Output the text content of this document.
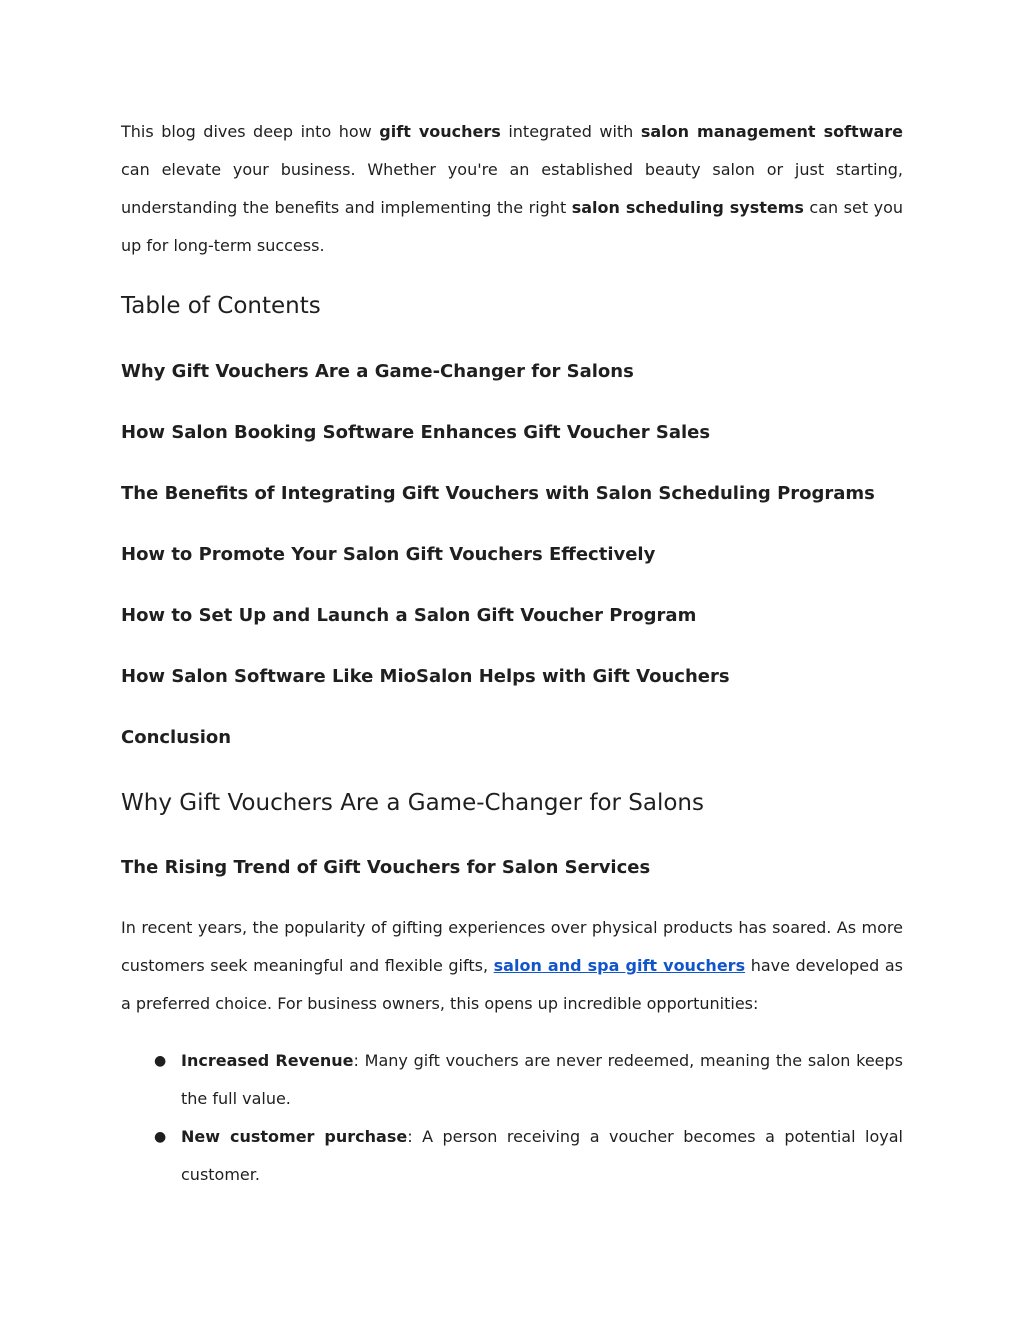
This blog dives deep into how gift vouchers integrated with salon management software can elevate your business. Whether you're an established beauty salon or just starting, understanding the benefits and implementing the right salon scheduling systems can set you up for long-term success.

Table of Contents
Why Gift Vouchers Are a Game-Changer for Salons
How Salon Booking Software Enhances Gift Voucher Sales
The Benefits of Integrating Gift Vouchers with Salon Scheduling Programs
How to Promote Your Salon Gift Vouchers Effectively
How to Set Up and Launch a Salon Gift Voucher Program
How Salon Software Like MioSalon Helps with Gift Vouchers
Conclusion
Why Gift Vouchers Are a Game-Changer for Salons
The Rising Trend of Gift Vouchers for Salon Services

In recent years, the popularity of gifting experiences over physical products has soared. As more customers seek meaningful and flexible gifts, salon and spa gift vouchers have developed as a preferred choice. For business owners, this opens up incredible opportunities:

● Increased Revenue: Many gift vouchers are never redeemed, meaning the salon keeps the full value.
● New customer purchase: A person receiving a voucher becomes a potential loyal customer.
